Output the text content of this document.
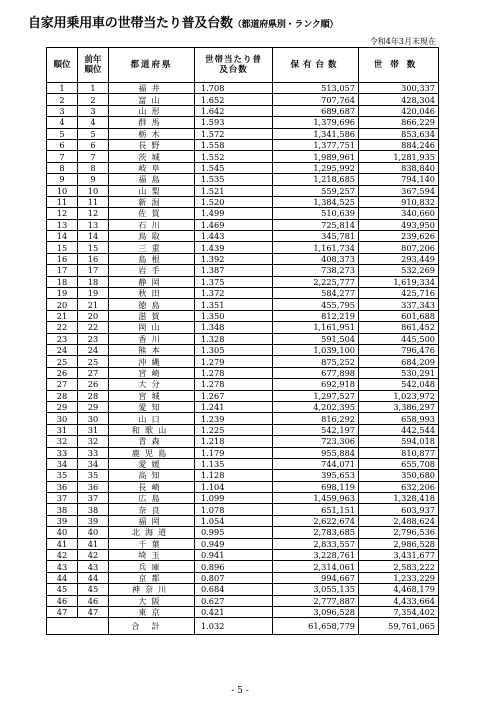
自家用乗用車の世帯当たり普及台数（都道府県別・ランク順）
令和4年3月末現在
順位	前年順位	都道府県	世帯当たり普及台数	保有台数	世帯数
1	1	福井	1.708	513,057	300,337
2	2	富山	1.652	707,764	428,304
3	3	山形	1.642	689,687	420,046
4	4	群馬	1.593	1,379,696	866,229
5	5	栃木	1.572	1,341,586	853,634
6	6	長野	1.558	1,377,751	884,246
7	7	茨城	1.552	1,989,961	1,281,935
8	8	岐阜	1.545	1,295,992	838,840
9	9	福島	1.535	1,218,685	794,140
10	10	山梨	1.521	559,257	367,594
11	11	新潟	1.520	1,384,525	910,832
12	12	佐賀	1.499	510,639	340,660
13	13	石川	1.469	725,814	493,950
14	14	鳥取	1.443	345,781	239,626
15	15	三重	1.439	1,161,734	807,206
16	16	島根	1.392	408,373	293,449
17	17	岩手	1.387	738,273	532,269
18	18	静岡	1.375	2,225,777	1,619,334
19	19	秋田	1.372	584,277	425,716
20	21	徳島	1.351	455,795	337,343
21	20	滋賀	1.350	812,219	601,688
22	22	岡山	1.348	1,161,951	861,452
23	23	香川	1.328	591,504	445,500
24	24	熊本	1.305	1,039,100	796,476
25	25	沖縄	1.279	875,252	684,209
26	27	宮崎	1.278	677,898	530,291
27	26	大分	1.278	692,918	542,048
28	28	宮城	1.267	1,297,527	1,023,972
29	29	愛知	1.241	4,202,395	3,386,297
30	30	山口	1.239	816,292	658,993
31	31	和歌山	1.225	542,197	442,544
32	32	青森	1.218	723,306	594,018
33	33	鹿児島	1.179	955,884	810,877
34	34	愛媛	1.135	744,071	655,708
35	35	高知	1.128	395,653	350,680
36	36	長崎	1.104	698,119	632,206
37	37	広島	1.099	1,459,963	1,328,418
38	38	奈良	1.078	651,151	603,937
39	39	福岡	1.054	2,622,674	2,488,624
40	40	北海道	0.995	2,783,685	2,796,536
41	41	千葉	0.949	2,833,557	2,986,528
42	42	埼玉	0.941	3,228,761	3,431,677
43	43	兵庫	0.896	2,314,061	2,583,222
44	44	京都	0.807	994,667	1,233,229
45	45	神奈川	0.684	3,055,135	4,468,179
46	46	大阪	0.627	2,777,887	4,433,664
47	47	東京	0.421	3,096,528	7,354,402
		合計	1.032	61,658,779	59,761,065
- 5 -
